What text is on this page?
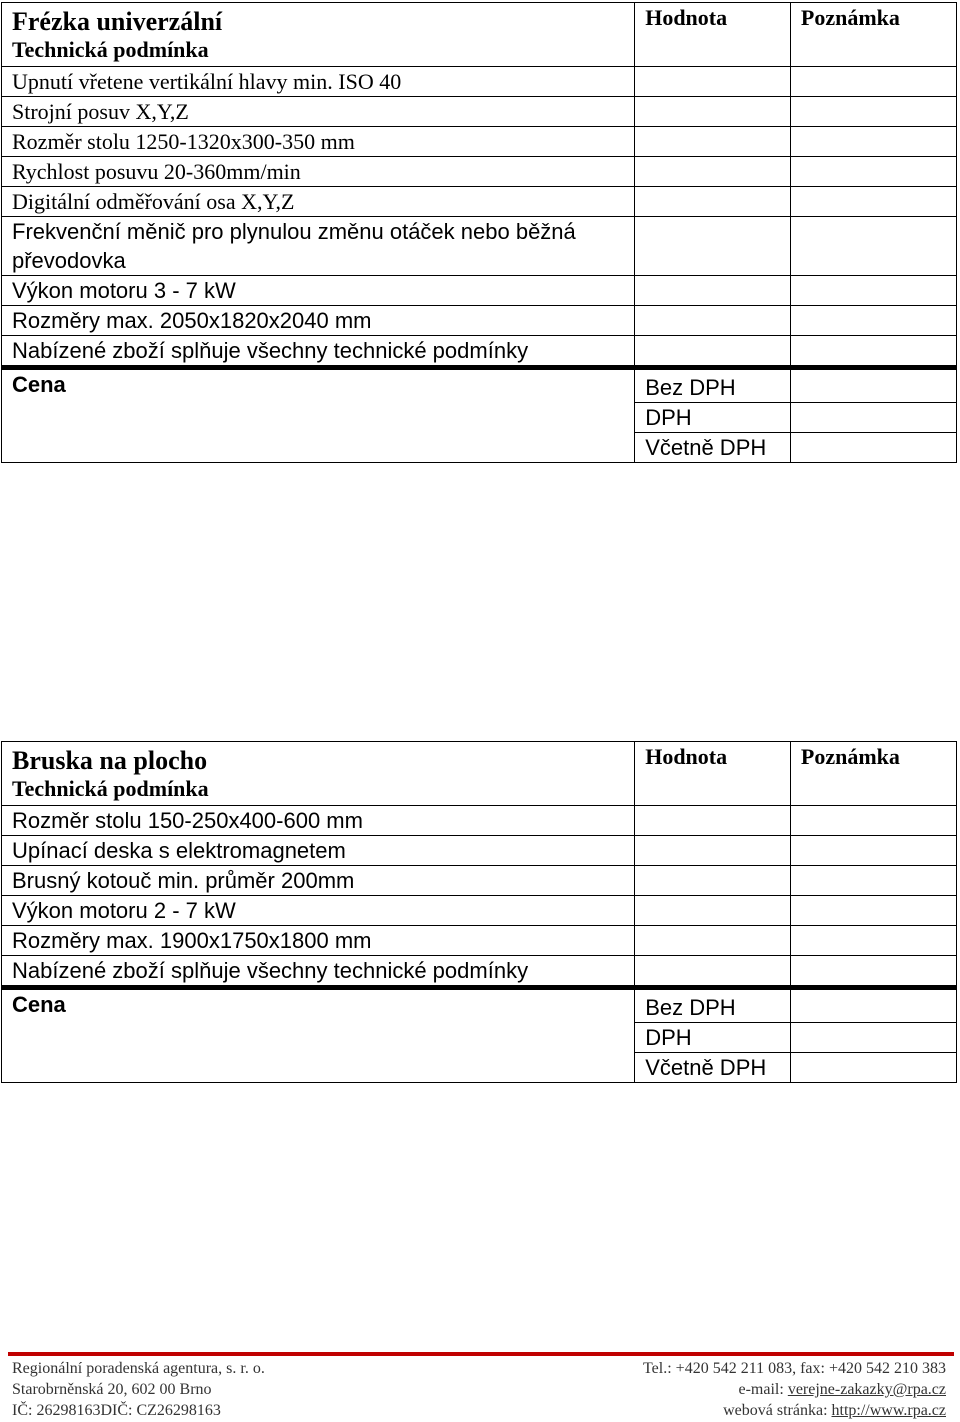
Frézka univerzální
Technická podmínka	Hodnota	Poznámka
Upnutí vřetene vertikální hlavy min. ISO 40		
Strojní posuv X,Y,Z		
Rozměr stolu 1250-1320x300-350 mm		
Rychlost posuvu 20-360mm/min		
Digitální odměřování osa X,Y,Z		
Frekvenční měnič pro plynulou změnu otáček nebo běžná převodovka		
Výkon motoru 3 - 7 kW		
Rozměry max. 2050x1820x2040 mm		
Nabízené zboží splňuje všechny technické podmínky		
Cena	Bez DPH
DPH
Včetně DPH	

Bruska na plocho
Technická podmínka	Hodnota	Poznámka
Rozměr stolu 150-250x400-600 mm		
Upínací deska s elektromagnetem		
Brusný kotouč min. průměr 200mm		
Výkon motoru 2 - 7 kW		
Rozměry max. 1900x1750x1800 mm		
Nabízené zboží splňuje všechny technické podmínky		
Cena	Bez DPH
DPH
Včetně DPH	

Regionální poradenská agentura, s. r. o.	Tel.: +420 542 211 083, fax: +420 542 210 383
Starobrněnská 20, 602 00 Brno	e-mail: verejne-zakazky@rpa.cz
IČ: 26298163DIČ: CZ26298163	webová stránka: http://www.rpa.cz
